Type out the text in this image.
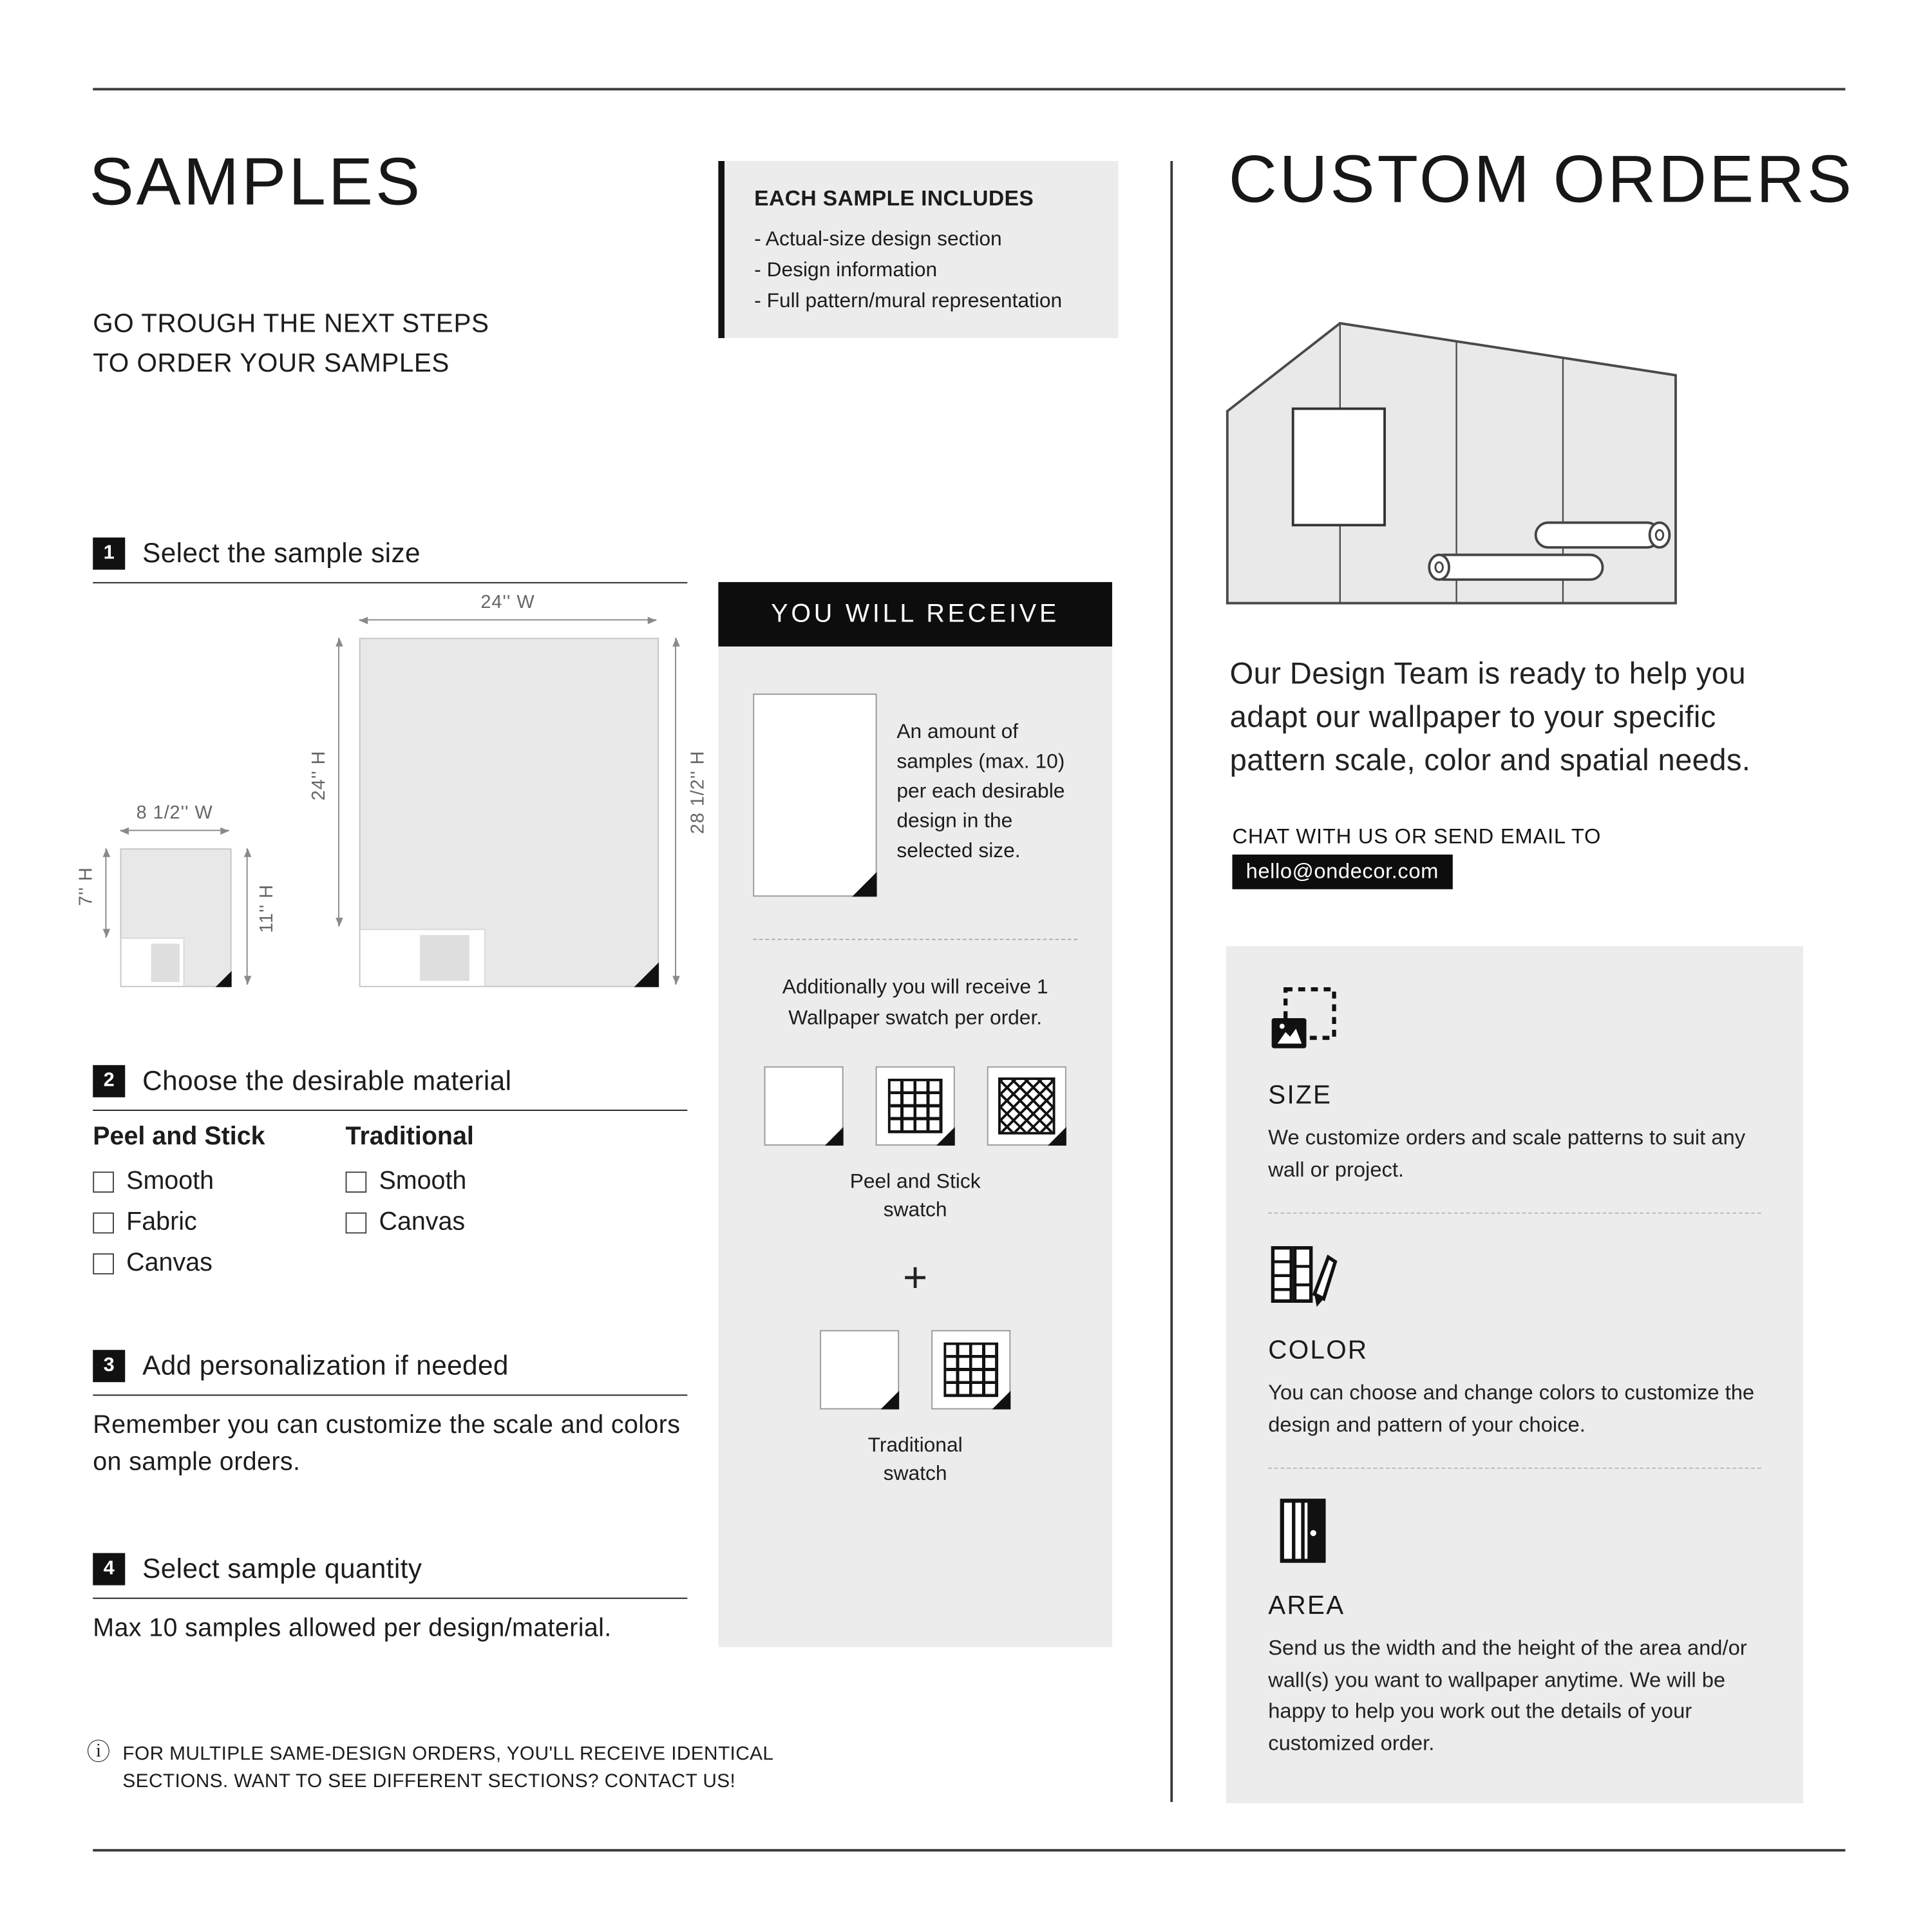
SAMPLES
GO TROUGH THE NEXT STEPS
TO ORDER YOUR SAMPLES
1	Select the sample size
24'' W
24'' H	28 1/2'' H
8 1/2'' W
7'' H	11'' H
2	Choose the desirable material
Peel and Stick
Smooth
Fabric
Canvas
Traditional
Smooth
Canvas
3	Add personalization if needed
Remember you can customize the scale and colors on sample orders.
4	Select sample quantity
Max 10 samples allowed per design/material.
ⓘ FOR MULTIPLE SAME-DESIGN ORDERS, YOU'LL RECEIVE IDENTICAL SECTIONS. WANT TO SEE DIFFERENT SECTIONS? CONTACT US!
EACH SAMPLE INCLUDES
- Actual-size design section
- Design information
- Full pattern/mural representation
YOU WILL RECEIVE
An amount of samples (max. 10) per each desirable design in the selected size.
Additionally you will receive 1 Wallpaper swatch per order.
Peel and Stick
swatch
+
Traditional
swatch
CUSTOM ORDERS
Our Design Team is ready to help you adapt our wallpaper to your specific pattern scale, color and spatial needs.
CHAT WITH US OR SEND EMAIL TO
hello@ondecor.com
SIZE
We customize orders and scale patterns to suit any wall or project.
COLOR
You can choose and change colors to customize the design and pattern of your choice.
AREA
Send us the width and the height of the area and/or wall(s) you want to wallpaper anytime. We will be happy to help you work out the details of your customized order.
